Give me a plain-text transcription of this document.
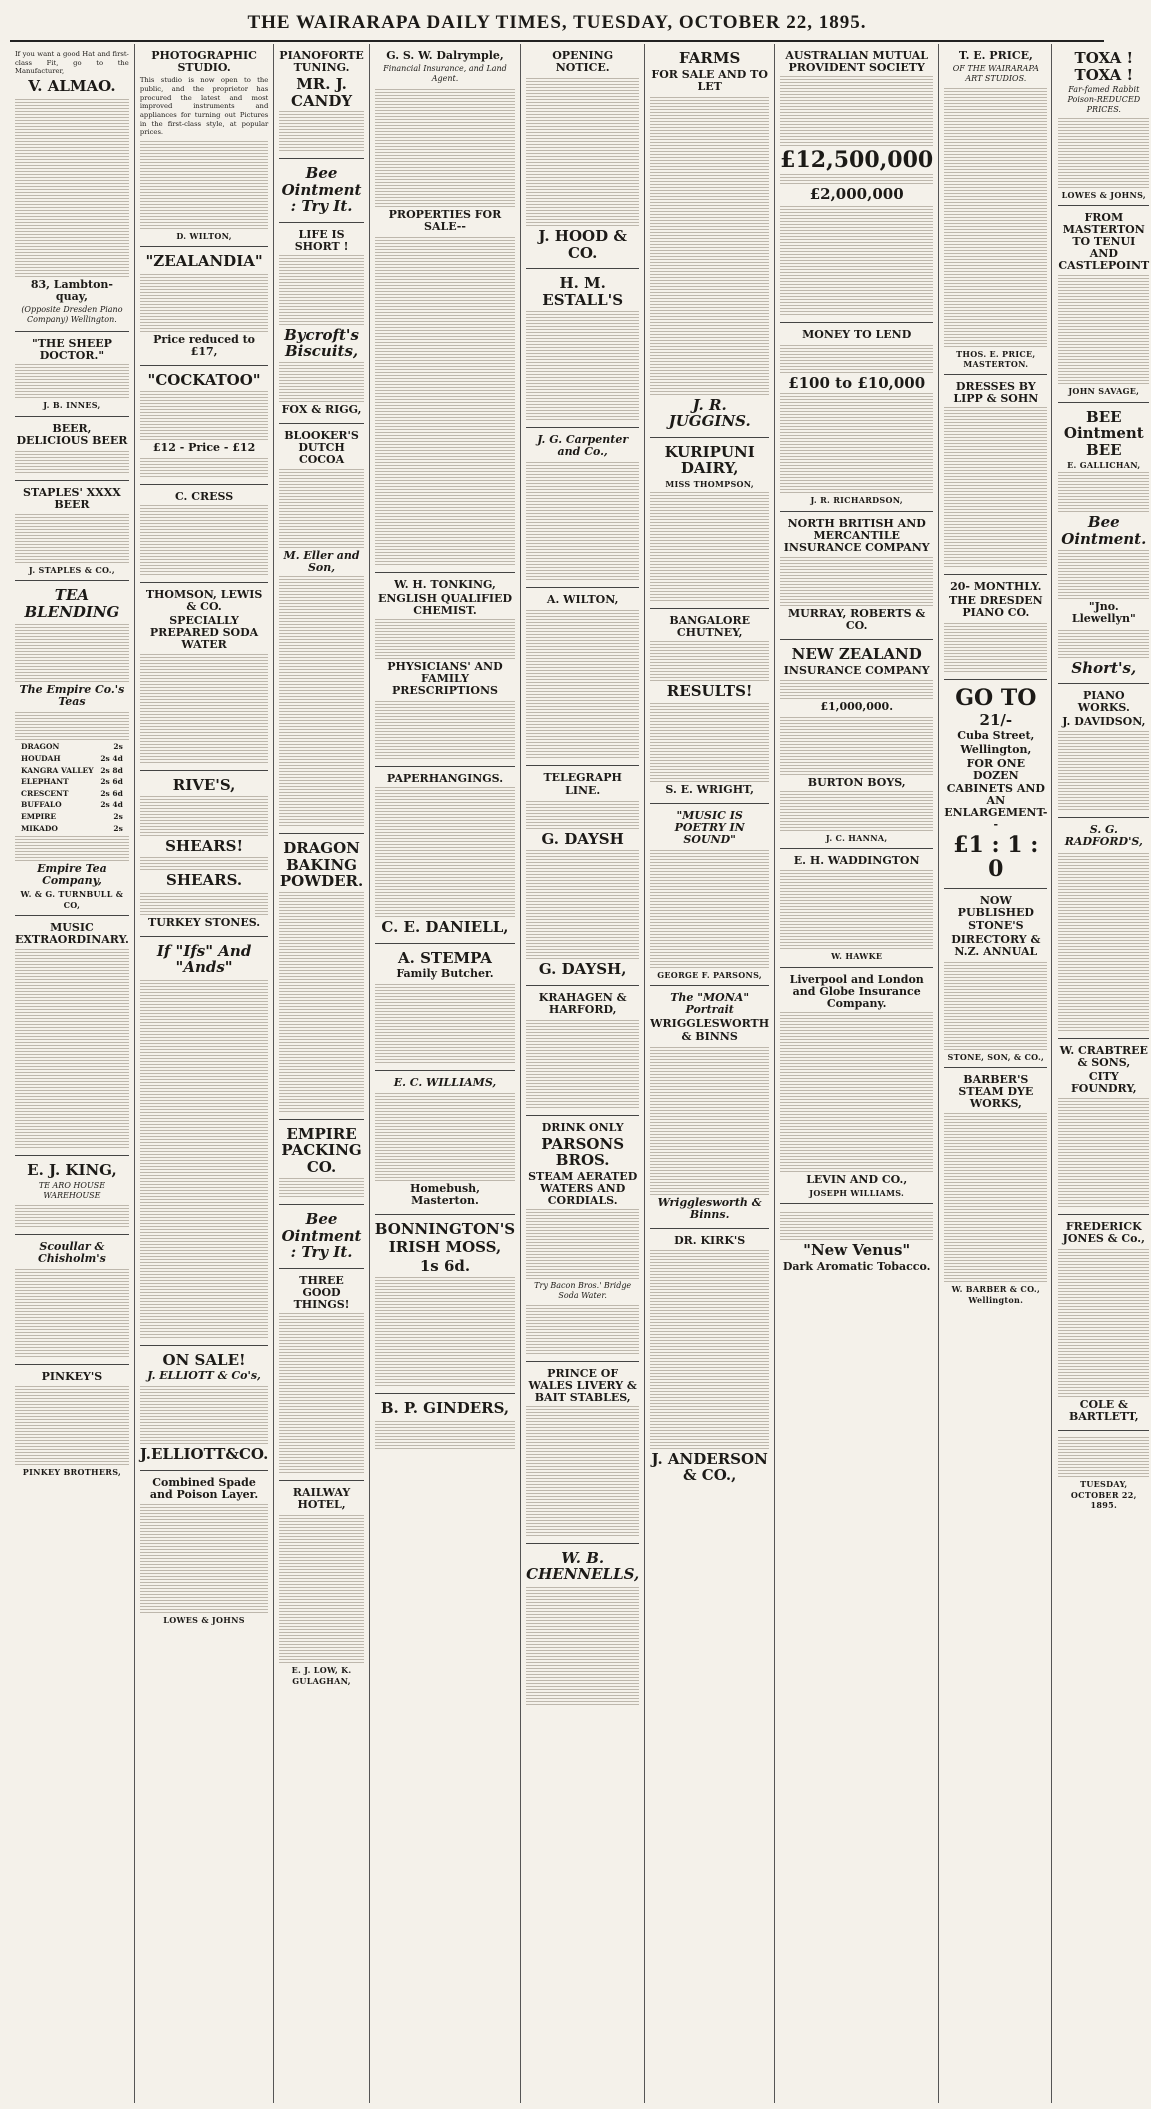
THE WAIRARAPA DAILY TIMES, TUESDAY, OCTOBER 22, 1895.
If you want a good Hat and first-class Fit, go to the Manufacturer,
V. ALMAO.
83, Lambton-quay,
(Opposite Dresden Piano Company) Wellington.
"THE SHEEP DOCTOR."
J. B. INNES,
BEER, DELICIOUS BEER
STAPLES' XXXX BEER
J. STAPLES & CO.,
TEA BLENDING
The Empire Co.'s Teas
DRAGON	2s
HOUDAH	2s 4d
KANGRA VALLEY 2s 8d
ELEPHANT	2s 6d
CRESCENT	2s 6d
BUFFALO	2s 4d
EMPIRE	2s
MIKADO	2s
Empire Tea Company,
W. & G. TURNBULL & CO,
MUSIC EXTRAORDINARY.
E. J. KING,
TE ARO HOUSE WAREHOUSE
Scoullar & Chisholm's
PINKEY'S
PINKEY BROTHERS,
PHOTOGRAPHIC STUDIO.
This studio is now open to the public, and the proprietor has procured the latest and most improved instruments and appliances for turning out Pictures in the first-class style, at popular prices.
D. WILTON,
"ZEALANDIA"
Price reduced to £17,
"COCKATOO"
£12 - Price - £12
C. CRESS
THOMSON, LEWIS & CO.
SPECIALLY PREPARED SODA WATER
RIVE'S,
SHEARS!
SHEARS.
TURKEY STONES.
If "Ifs" And "Ands"
ON SALE!
J. ELLIOTT & Co's,
J.ELLIOTT&CO.
Combined Spade and Poison Layer.
LOWES & JOHNS
PIANOFORTE TUNING.
MR. J. CANDY
Bee Ointment : Try It.
LIFE IS SHORT !
Bycroft's Biscuits,
FOX & RIGG,
BLOOKER'S DUTCH COCOA
M. Eller and Son,
DRAGON BAKING POWDER.
EMPIRE PACKING CO.
Bee Ointment : Try It.
THREE GOOD THINGS!
RAILWAY HOTEL,
E. J. LOW, K. GULAGHAN,
G. S. W. Dalrymple,
Financial Insurance, and Land Agent.
PROPERTIES FOR SALE--
W. H. TONKING,
ENGLISH QUALIFIED CHEMIST.
PHYSICIANS' AND FAMILY PRESCRIPTIONS
PAPERHANGINGS.
C. E. DANIELL,
A. STEMPA
Family Butcher.
E. C. WILLIAMS,
Homebush, Masterton.
BONNINGTON'S
IRISH MOSS,
1s 6d.
B. P. GINDERS,
OPENING NOTICE.
J. HOOD & CO.
H. M. ESTALL'S
J. G. Carpenter and Co.,
A. WILTON,
TELEGRAPH LINE.
G. DAYSH
G. DAYSH,
KRAHAGEN & HARFORD,
DRINK ONLY
PARSONS BROS.
STEAM AERATED WATERS AND CORDIALS.
Try Bacon Bros.' Bridge Soda Water.
PRINCE OF WALES LIVERY & BAIT STABLES,
W. B. CHENNELLS,
FARMS
FOR SALE AND TO LET
J. R. JUGGINS.
KURIPUNI DAIRY,
MISS THOMPSON,
BANGALORE CHUTNEY,
RESULTS!
S. E. WRIGHT,
"MUSIC IS POETRY IN SOUND"
GEORGE F. PARSONS,
The "MONA" Portrait
WRIGGLESWORTH & BINNS
Wrigglesworth & Binns.
DR. KIRK'S
J. ANDERSON & CO.,
AUSTRALIAN MUTUAL PROVIDENT SOCIETY
£12,500,000
£2,000,000
MONEY TO LEND
£100 to £10,000
J. R. RICHARDSON,
NORTH BRITISH AND MERCANTILE INSURANCE COMPANY
MURRAY, ROBERTS & CO.
NEW ZEALAND
INSURANCE COMPANY
£1,000,000.
BURTON BOYS,
J. C. HANNA,
E. H. WADDINGTON
W. HAWKE
Liverpool and London and Globe Insurance Company.
LEVIN AND CO.,
JOSEPH WILLIAMS.
"New Venus"
Dark Aromatic Tobacco.
T. E. PRICE,
OF THE WAIRARAPA ART STUDIOS.
THOS. E. PRICE, MASTERTON.
DRESSES BY LIPP & SOHN
20- MONTHLY.
THE DRESDEN PIANO CO.
GO TO
21/-
Cuba Street,
Wellington,
FOR ONE DOZEN CABINETS AND AN ENLARGEMENT--
£1 : 1 : 0
NOW PUBLISHED STONE'S
DIRECTORY & N.Z. ANNUAL
STONE, SON, & CO.,
BARBER'S STEAM DYE WORKS,
W. BARBER & CO., Wellington.
TOXA ! TOXA !
Far-famed Rabbit Poison-REDUCED PRICES.
LOWES & JOHNS,
FROM MASTERTON TO TENUI AND CASTLEPOINT
JOHN SAVAGE,
BEE Ointment BEE
E. GALLICHAN,
Bee Ointment.
"Jno. Llewellyn"
Short's,
PIANO WORKS.
J. DAVIDSON,
S. G. RADFORD'S,
W. CRABTREE & SONS,
CITY FOUNDRY,
FREDERICK JONES & Co.,
COLE & BARTLETT,
TUESDAY, OCTOBER 22, 1895.
